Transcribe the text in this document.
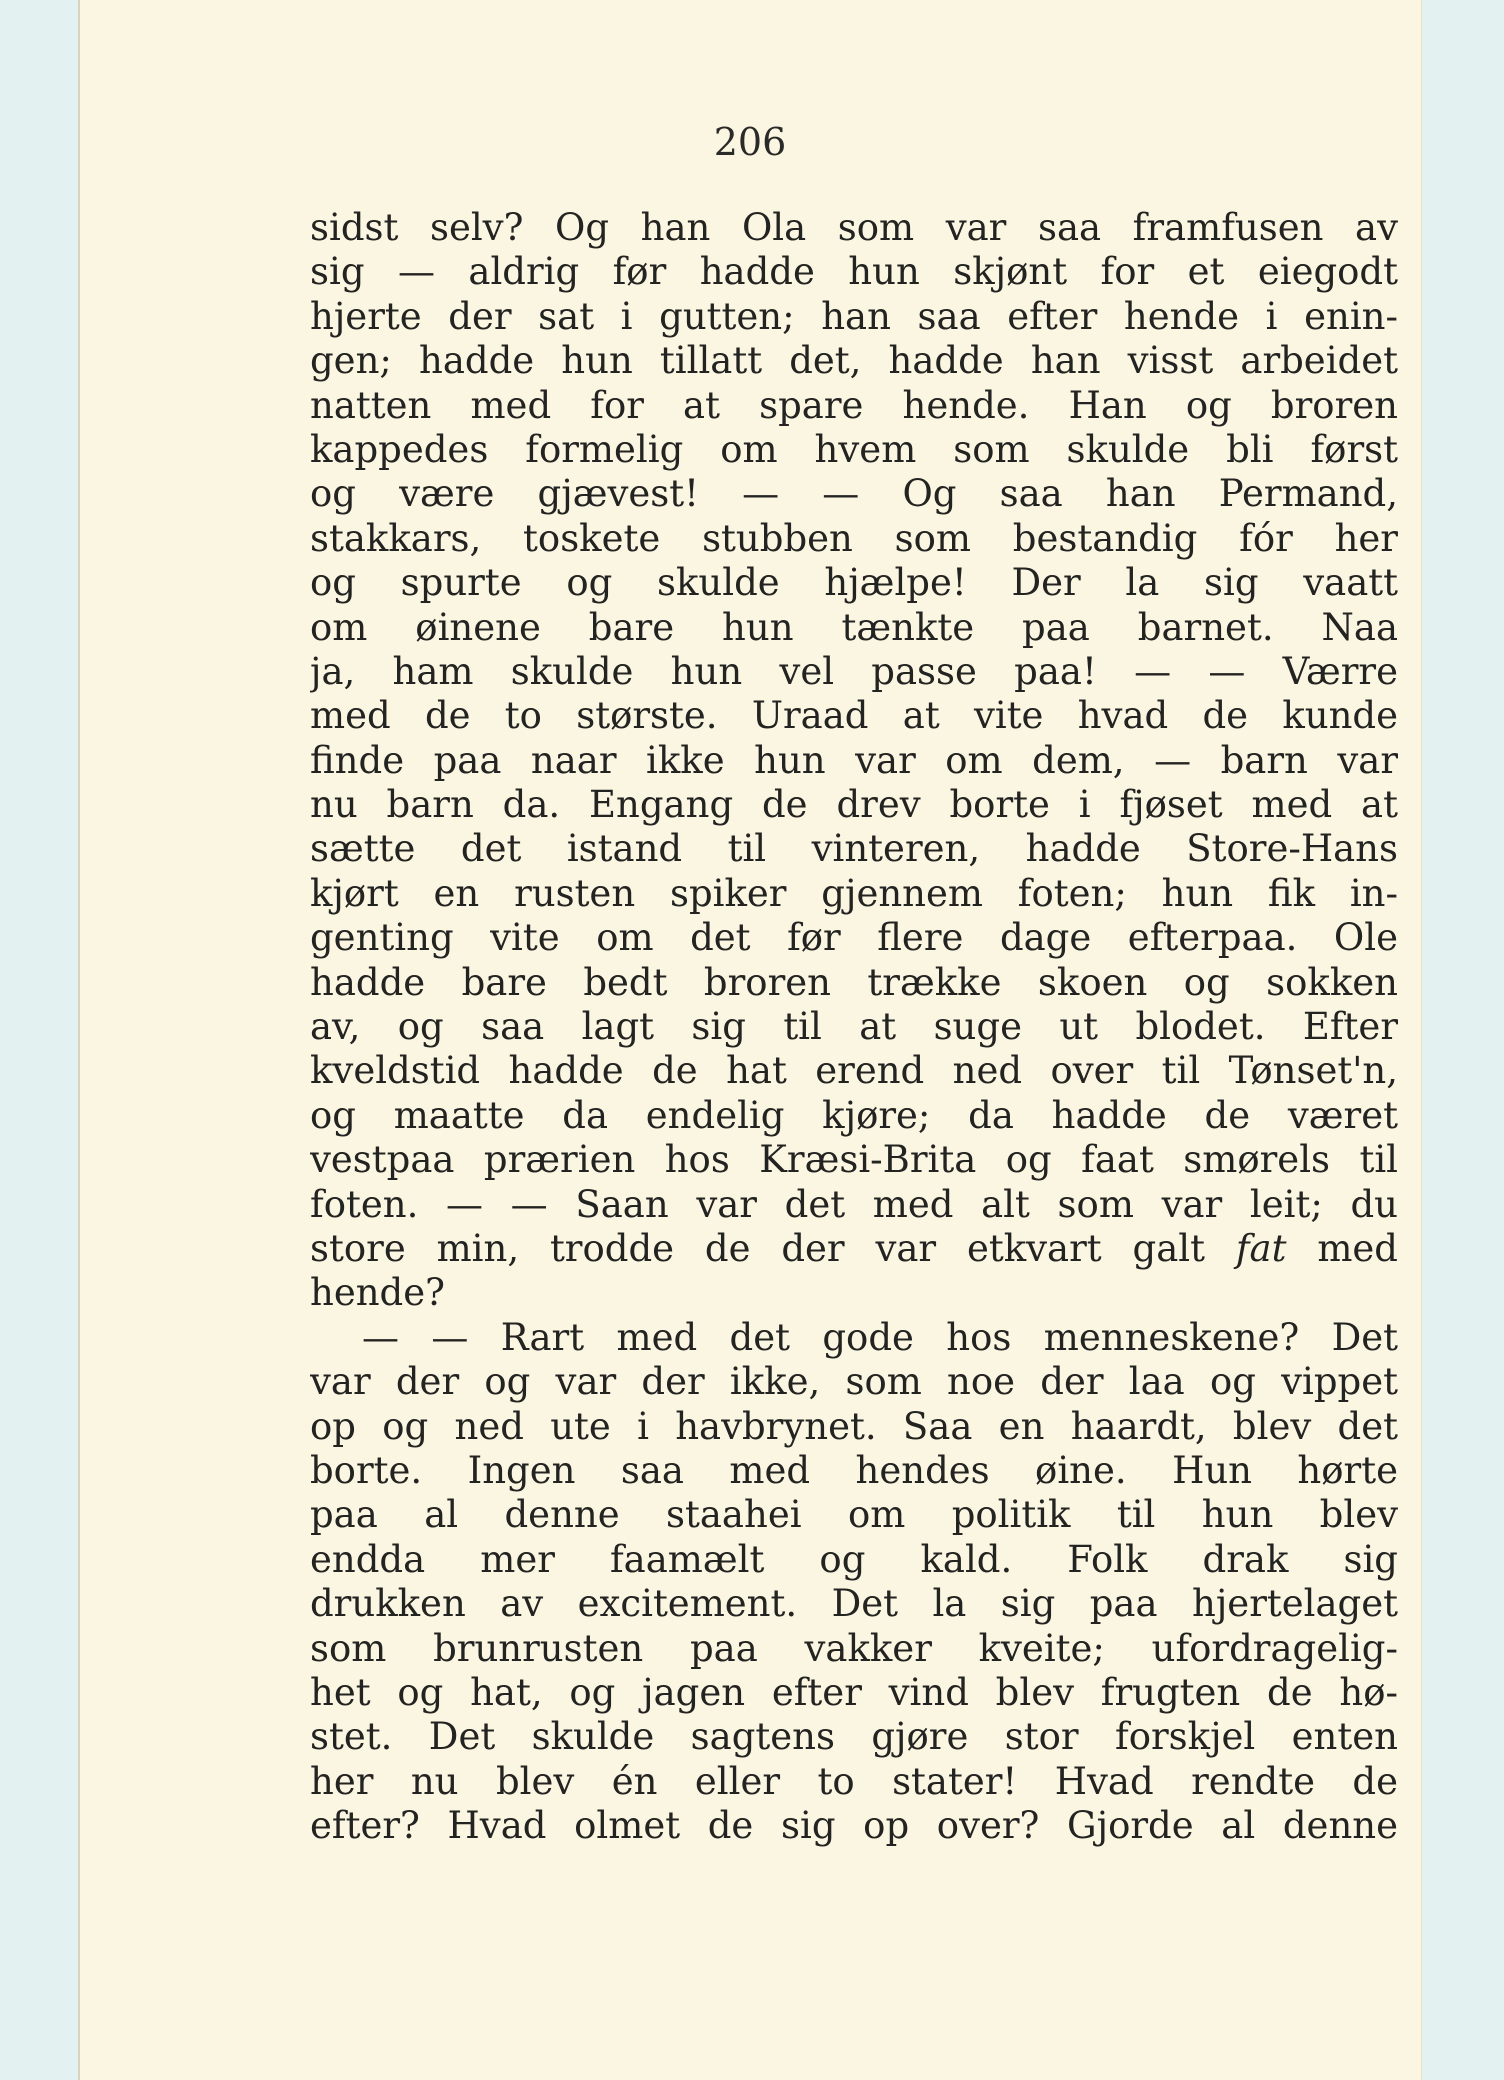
206
sidst selv? Og han Ola som var saa framfusen av
sig — aldrig før hadde hun skjønt for et eiegodt
hjerte der sat i gutten; han saa efter hende i enin-
gen; hadde hun tillatt det, hadde han visst arbeidet
natten med for at spare hende. Han og broren
kappedes formelig om hvem som skulde bli først
og være gjævest! — — Og saa han Permand,
stakkars, toskete stubben som bestandig fór her
og spurte og skulde hjælpe! Der la sig vaatt
om øinene bare hun tænkte paa barnet. Naa
ja, ham skulde hun vel passe paa! — — Værre
med de to største. Uraad at vite hvad de kunde
finde paa naar ikke hun var om dem, — barn var
nu barn da. Engang de drev borte i fjøset med at
sætte det istand til vinteren, hadde Store-Hans
kjørt en rusten spiker gjennem foten; hun fik in-
genting vite om det før flere dage efterpaa. Ole
hadde bare bedt broren trække skoen og sokken
av, og saa lagt sig til at suge ut blodet. Efter
kveldstid hadde de hat erend ned over til Tønset'n,
og maatte da endelig kjøre; da hadde de været
vestpaa prærien hos Kræsi-Brita og faat smørels til
foten. — — Saan var det med alt som var leit; du
store min, trodde de der var etkvart galt fat med
hende?
— — Rart med det gode hos menneskene? Det
var der og var der ikke, som noe der laa og vippet
op og ned ute i havbrynet. Saa en haardt, blev det
borte. Ingen saa med hendes øine. Hun hørte
paa al denne staahei om politik til hun blev
endda mer faamælt og kald. Folk drak sig
drukken av excitement. Det la sig paa hjertelaget
som brunrusten paa vakker kveite; ufordragelig-
het og hat, og jagen efter vind blev frugten de hø-
stet. Det skulde sagtens gjøre stor forskjel enten
her nu blev én eller to stater! Hvad rendte de
efter? Hvad olmet de sig op over? Gjorde al denne
